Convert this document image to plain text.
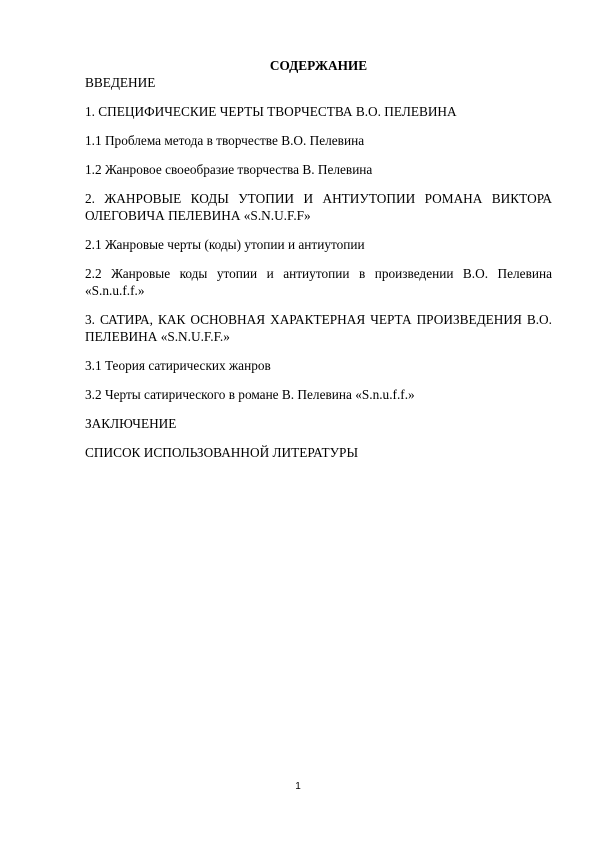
СОДЕРЖАНИЕ
ВВЕДЕНИЕ
1. СПЕЦИФИЧЕСКИЕ ЧЕРТЫ ТВОРЧЕСТВА В.О. ПЕЛЕВИНА
1.1 Проблема метода в творчестве В.О. Пелевина
1.2 Жанровое своеобразие творчества В. Пелевина
2. ЖАНРОВЫЕ КОДЫ УТОПИИ И АНТИУТОПИИ РОМАНА ВИКТОРА ОЛЕГОВИЧА ПЕЛЕВИНА «S.N.U.F.F»
2.1 Жанровые черты (коды) утопии и антиутопии
2.2 Жанровые коды утопии и антиутопии в произведении В.О. Пелевина «S.n.u.f.f.»
3. САТИРА, КАК ОСНОВНАЯ ХАРАКТЕРНАЯ ЧЕРТА ПРОИЗВЕДЕНИЯ В.О. ПЕЛЕВИНА «S.N.U.F.F.»
3.1 Теория сатирических жанров
3.2 Черты сатирического в романе В. Пелевина «S.n.u.f.f.»
ЗАКЛЮЧЕНИЕ
СПИСОК ИСПОЛЬЗОВАННОЙ ЛИТЕРАТУРЫ
1
